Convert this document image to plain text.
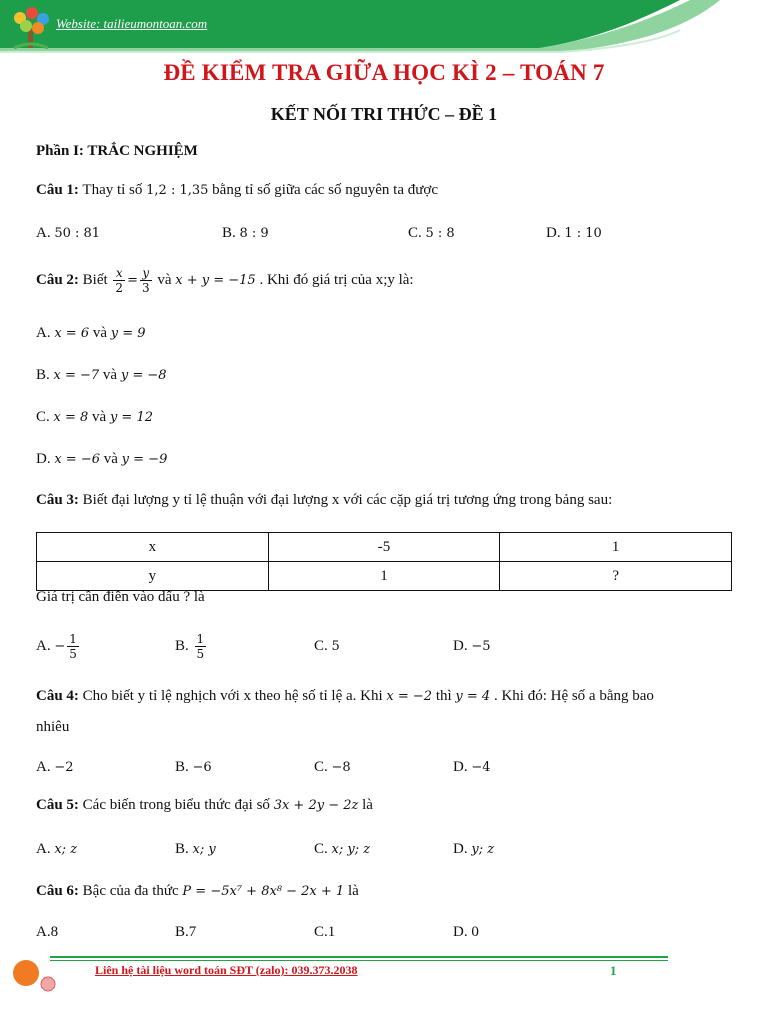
Website: tailieumontoan.com
ĐỀ KIỂM TRA GIỮA HỌC KÌ 2 – TOÁN 7
KẾT NỐI TRI THỨC – ĐỀ 1
Phần I: TRẮC NGHIỆM
Câu 1: Thay tỉ số 1,2 : 1,35 bằng tỉ số giữa các số nguyên ta được
A. 50 : 81	B. 8 : 9	C. 5 : 8	D. 1 : 10
Câu 2: Biết $\frac{x}{2} = \frac{y}{3}$ và x + y = −15 . Khi đó giá trị của x;y là:
A. x = 6 và y = 9
B. x = −7 và y = −8
C. x = 8 và y = 12
D. x = −6 và y = −9
Câu 3: Biết đại lượng y tỉ lệ thuận với đại lượng x với các cặp giá trị tương ứng trong bảng sau:
x	-5	1
y	1	?
Giá trị cần điền vào dấu ? là
A. − $\frac{1}{5}$	B. $\frac{1}{5}$	C. 5	D. −5
Câu 4: Cho biết y tỉ lệ nghịch với x theo hệ số tỉ lệ a. Khi x = −2 thì y = 4 . Khi đó: Hệ số a bằng bao
nhiêu
A. −2	B. −6	C. −8	D. −4
Câu 5: Các biến trong biểu thức đại số 3x + 2y − 2z là
A. x; z	B. x; y	C. x; y; z	D. y; z
Câu 6: Bậc của đa thức P = −5x⁷ + 8x⁸ − 2x + 1 là
A.8	B.7	C.1	D. 0
Liên hệ tài liệu word toán SĐT (zalo): 039.373.2038	1
